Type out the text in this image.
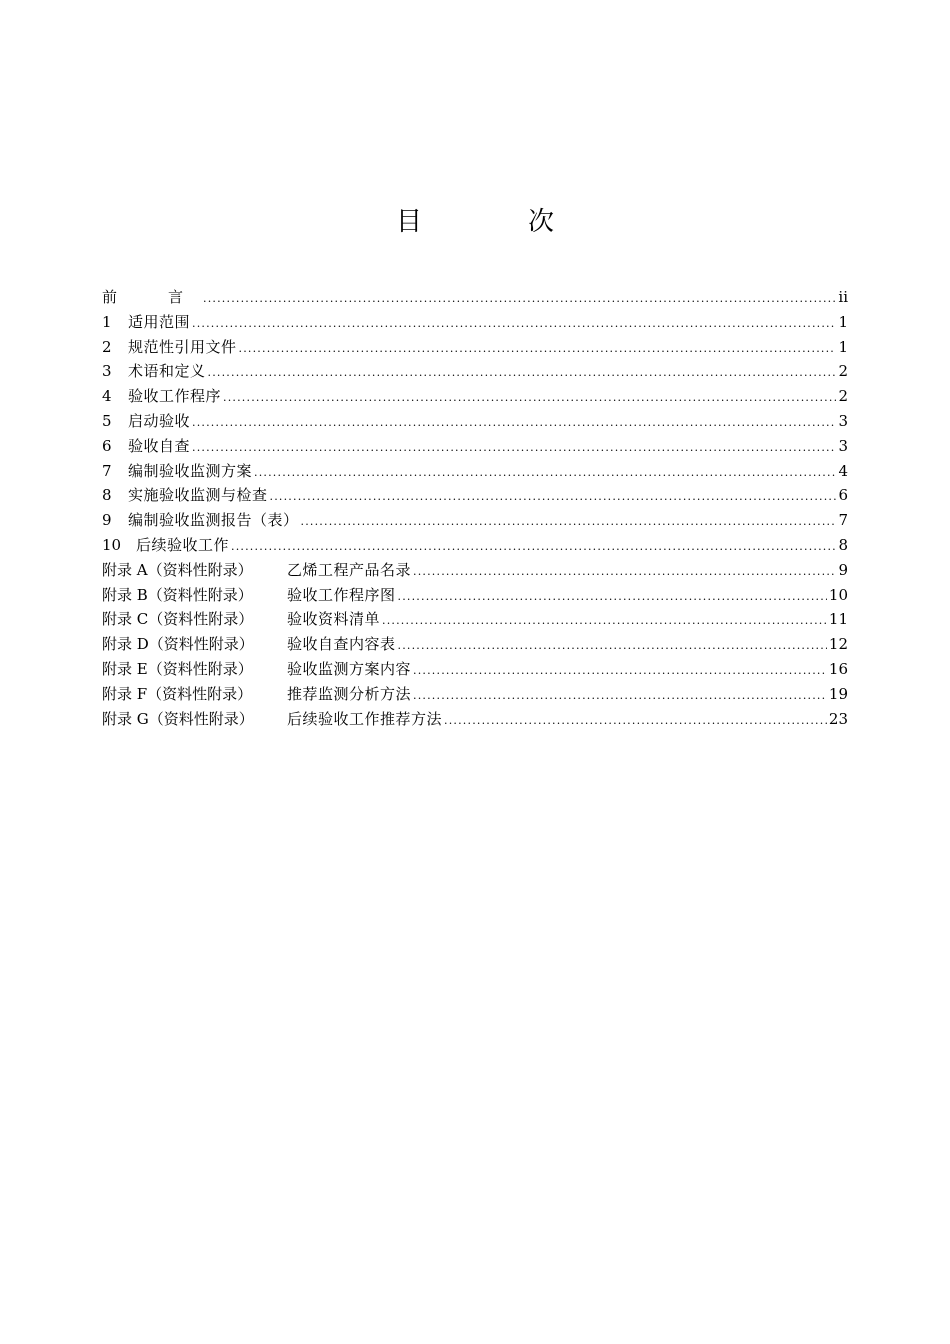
目　次
前　言 .....	ii
1	适用范围 .....	1
2	规范性引用文件 .....	1
3	术语和定义 .....	2
4	验收工作程序 .....	2
5	启动验收 .....	3
6	验收自查 .....	3
7	编制验收监测方案 .....	4
8	实施验收监测与检查 .....	6
9	编制验收监测报告（表） .....	7
10 后续验收工作 .....	8
附录 A（资料性附录）	乙烯工程产品名录 .....	9
附录 B（资料性附录）	验收工作程序图 .....	10
附录 C（资料性附录）	验收资料清单 .....	11
附录 D（资料性附录）	验收自查内容表 .....	12
附录 E（资料性附录）	验收监测方案内容 .....	16
附录 F（资料性附录）	推荐监测分析方法 .....	19
附录 G（资料性附录）	后续验收工作推荐方法 .....	23
